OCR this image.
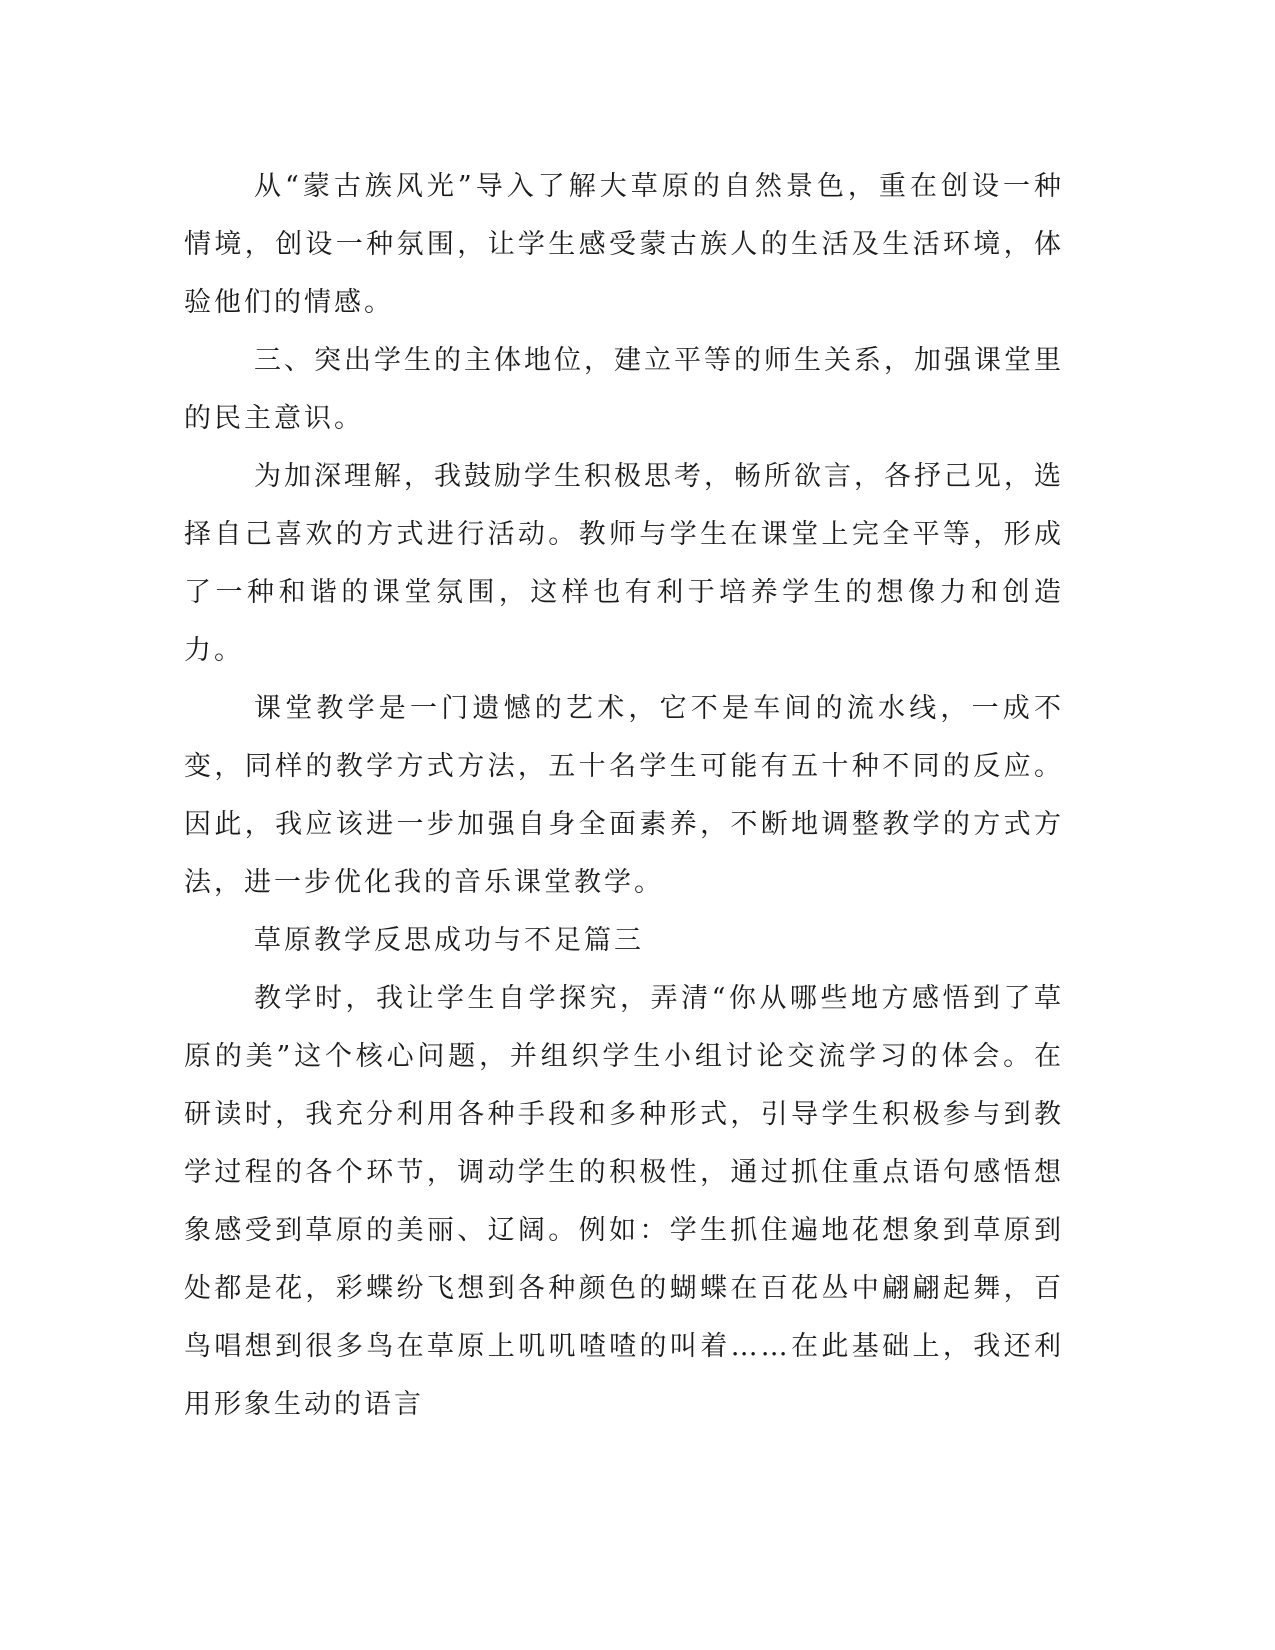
从“蒙古族风光”导入了解大草原的自然景色，重在创设一种情境，创设一种氛围，让学生感受蒙古族人的生活及生活环境，体验他们的情感。

三、突出学生的主体地位，建立平等的师生关系，加强课堂里的民主意识。

为加深理解，我鼓励学生积极思考，畅所欲言，各抒己见，选择自己喜欢的方式进行活动。教师与学生在课堂上完全平等，形成了一种和谐的课堂氛围，这样也有利于培养学生的想像力和创造力。

课堂教学是一门遗憾的艺术，它不是车间的流水线，一成不变，同样的教学方式方法，五十名学生可能有五十种不同的反应。因此，我应该进一步加强自身全面素养，不断地调整教学的方式方法，进一步优化我的音乐课堂教学。

草原教学反思成功与不足篇三

教学时，我让学生自学探究，弄清“你从哪些地方感悟到了草原的美”这个核心问题，并组织学生小组讨论交流学习的体会。在研读时，我充分利用各种手段和多种形式，引导学生积极参与到教学过程的各个环节，调动学生的积极性，通过抓住重点语句感悟想象感受到草原的美丽、辽阔。例如：学生抓住遍地花想象到草原到处都是花，彩蝶纷飞想到各种颜色的蝴蝶在百花丛中翩翩起舞，百鸟唱想到很多鸟在草原上叽叽喳喳的叫着……在此基础上，我还利用形象生动的语言
